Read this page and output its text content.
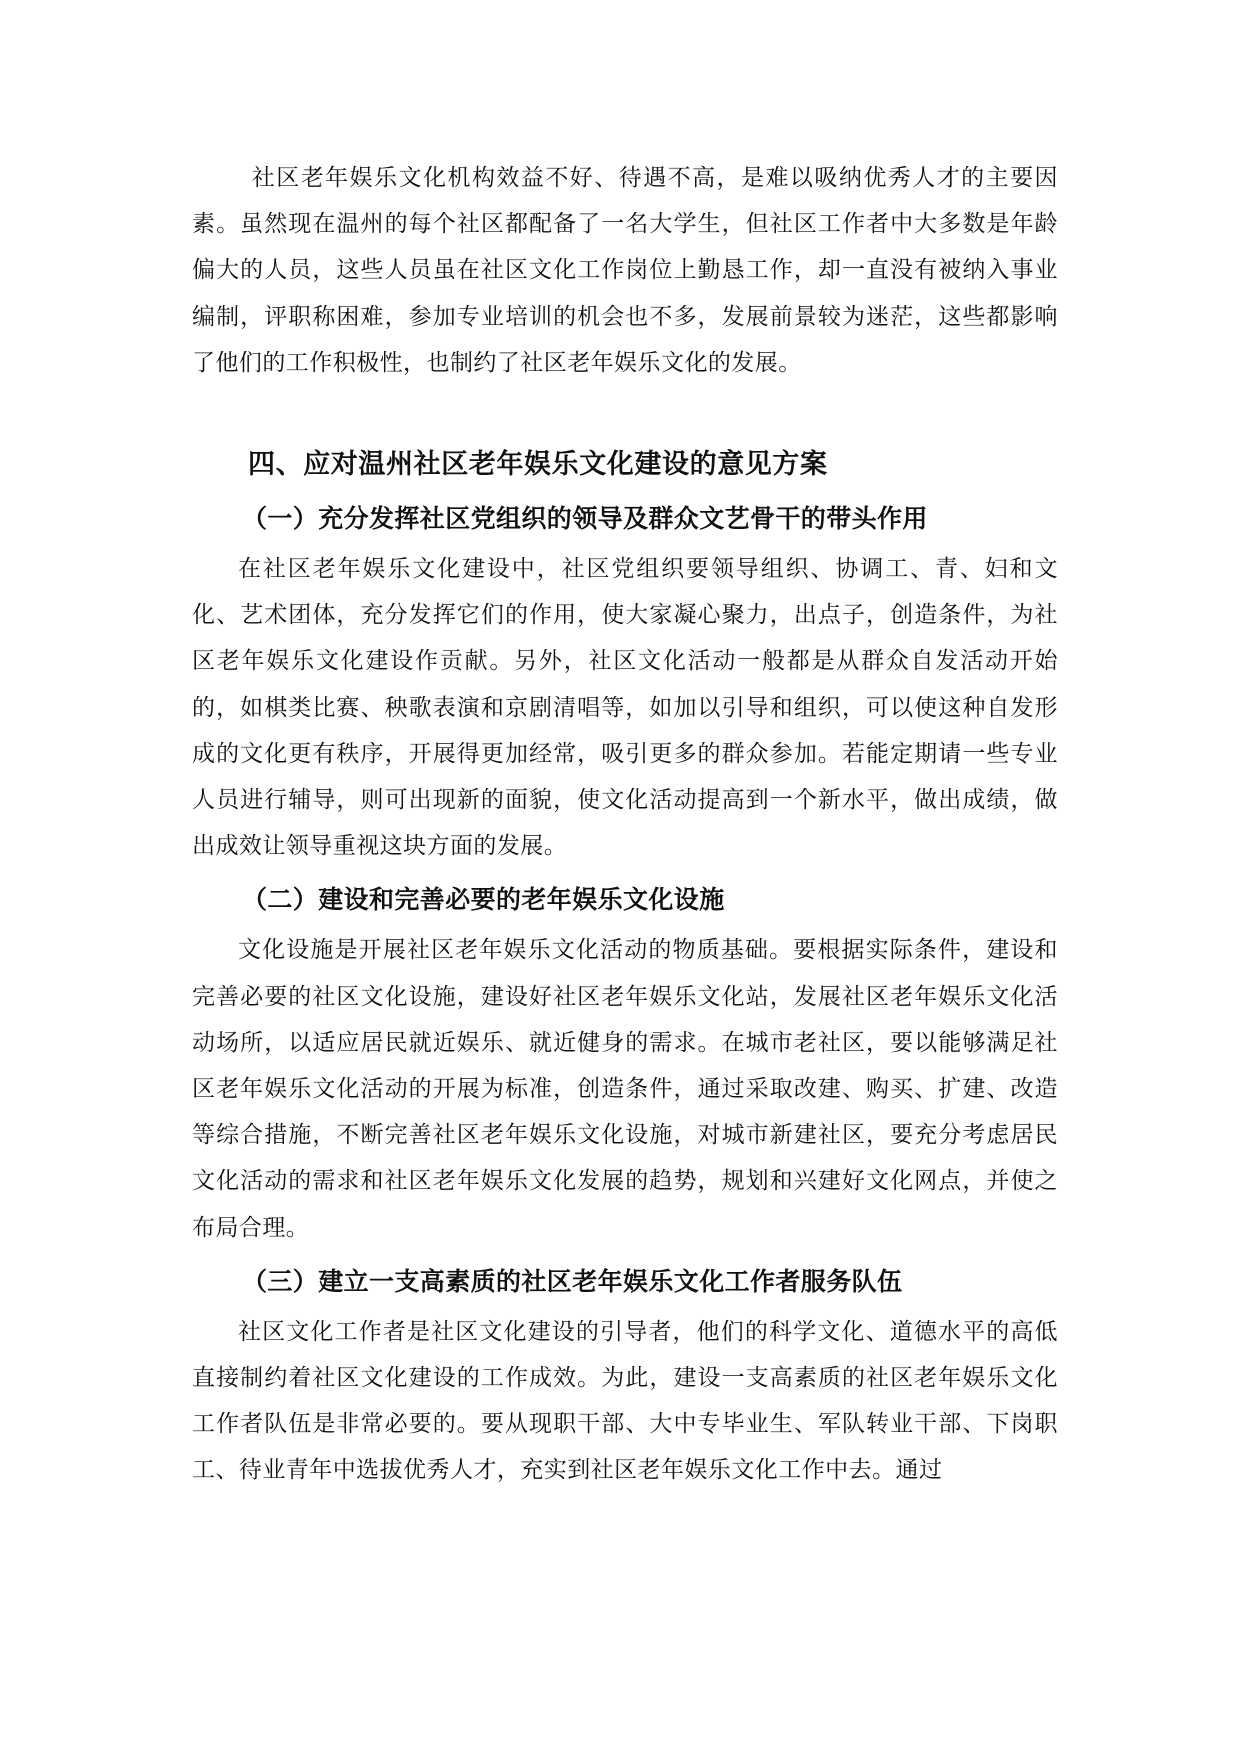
社区老年娱乐文化机构效益不好、待遇不高，是难以吸纳优秀人才的主要因素。虽然现在温州的每个社区都配备了一名大学生，但社区工作者中大多数是年龄偏大的人员，这些人员虽在社区文化工作岗位上勤恳工作，却一直没有被纳入事业编制，评职称困难，参加专业培训的机会也不多，发展前景较为迷茫，这些都影响了他们的工作积极性，也制约了社区老年娱乐文化的发展。

四、应对温州社区老年娱乐文化建设的意见方案
（一）充分发挥社区党组织的领导及群众文艺骨干的带头作用

在社区老年娱乐文化建设中，社区党组织要领导组织、协调工、青、妇和文化、艺术团体，充分发挥它们的作用，使大家凝心聚力，出点子，创造条件，为社区老年娱乐文化建设作贡献。另外，社区文化活动一般都是从群众自发活动开始的，如棋类比赛、秧歌表演和京剧清唱等，如加以引导和组织，可以使这种自发形成的文化更有秩序，开展得更加经常，吸引更多的群众参加。若能定期请一些专业人员进行辅导，则可出现新的面貌，使文化活动提高到一个新水平，做出成绩，做出成效让领导重视这块方面的发展。

（二）建设和完善必要的老年娱乐文化设施

文化设施是开展社区老年娱乐文化活动的物质基础。要根据实际条件，建设和完善必要的社区文化设施，建设好社区老年娱乐文化站，发展社区老年娱乐文化活动场所，以适应居民就近娱乐、就近健身的需求。在城市老社区，要以能够满足社区老年娱乐文化活动的开展为标准，创造条件，通过采取改建、购买、扩建、改造等综合措施，不断完善社区老年娱乐文化设施，对城市新建社区，要充分考虑居民文化活动的需求和社区老年娱乐文化发展的趋势，规划和兴建好文化网点，并使之布局合理。

（三）建立一支高素质的社区老年娱乐文化工作者服务队伍

社区文化工作者是社区文化建设的引导者，他们的科学文化、道德水平的高低直接制约着社区文化建设的工作成效。为此，建设一支高素质的社区老年娱乐文化工作者队伍是非常必要的。要从现职干部、大中专毕业生、军队转业干部、下岗职工、待业青年中选拔优秀人才，充实到社区老年娱乐文化工作中去。通过
